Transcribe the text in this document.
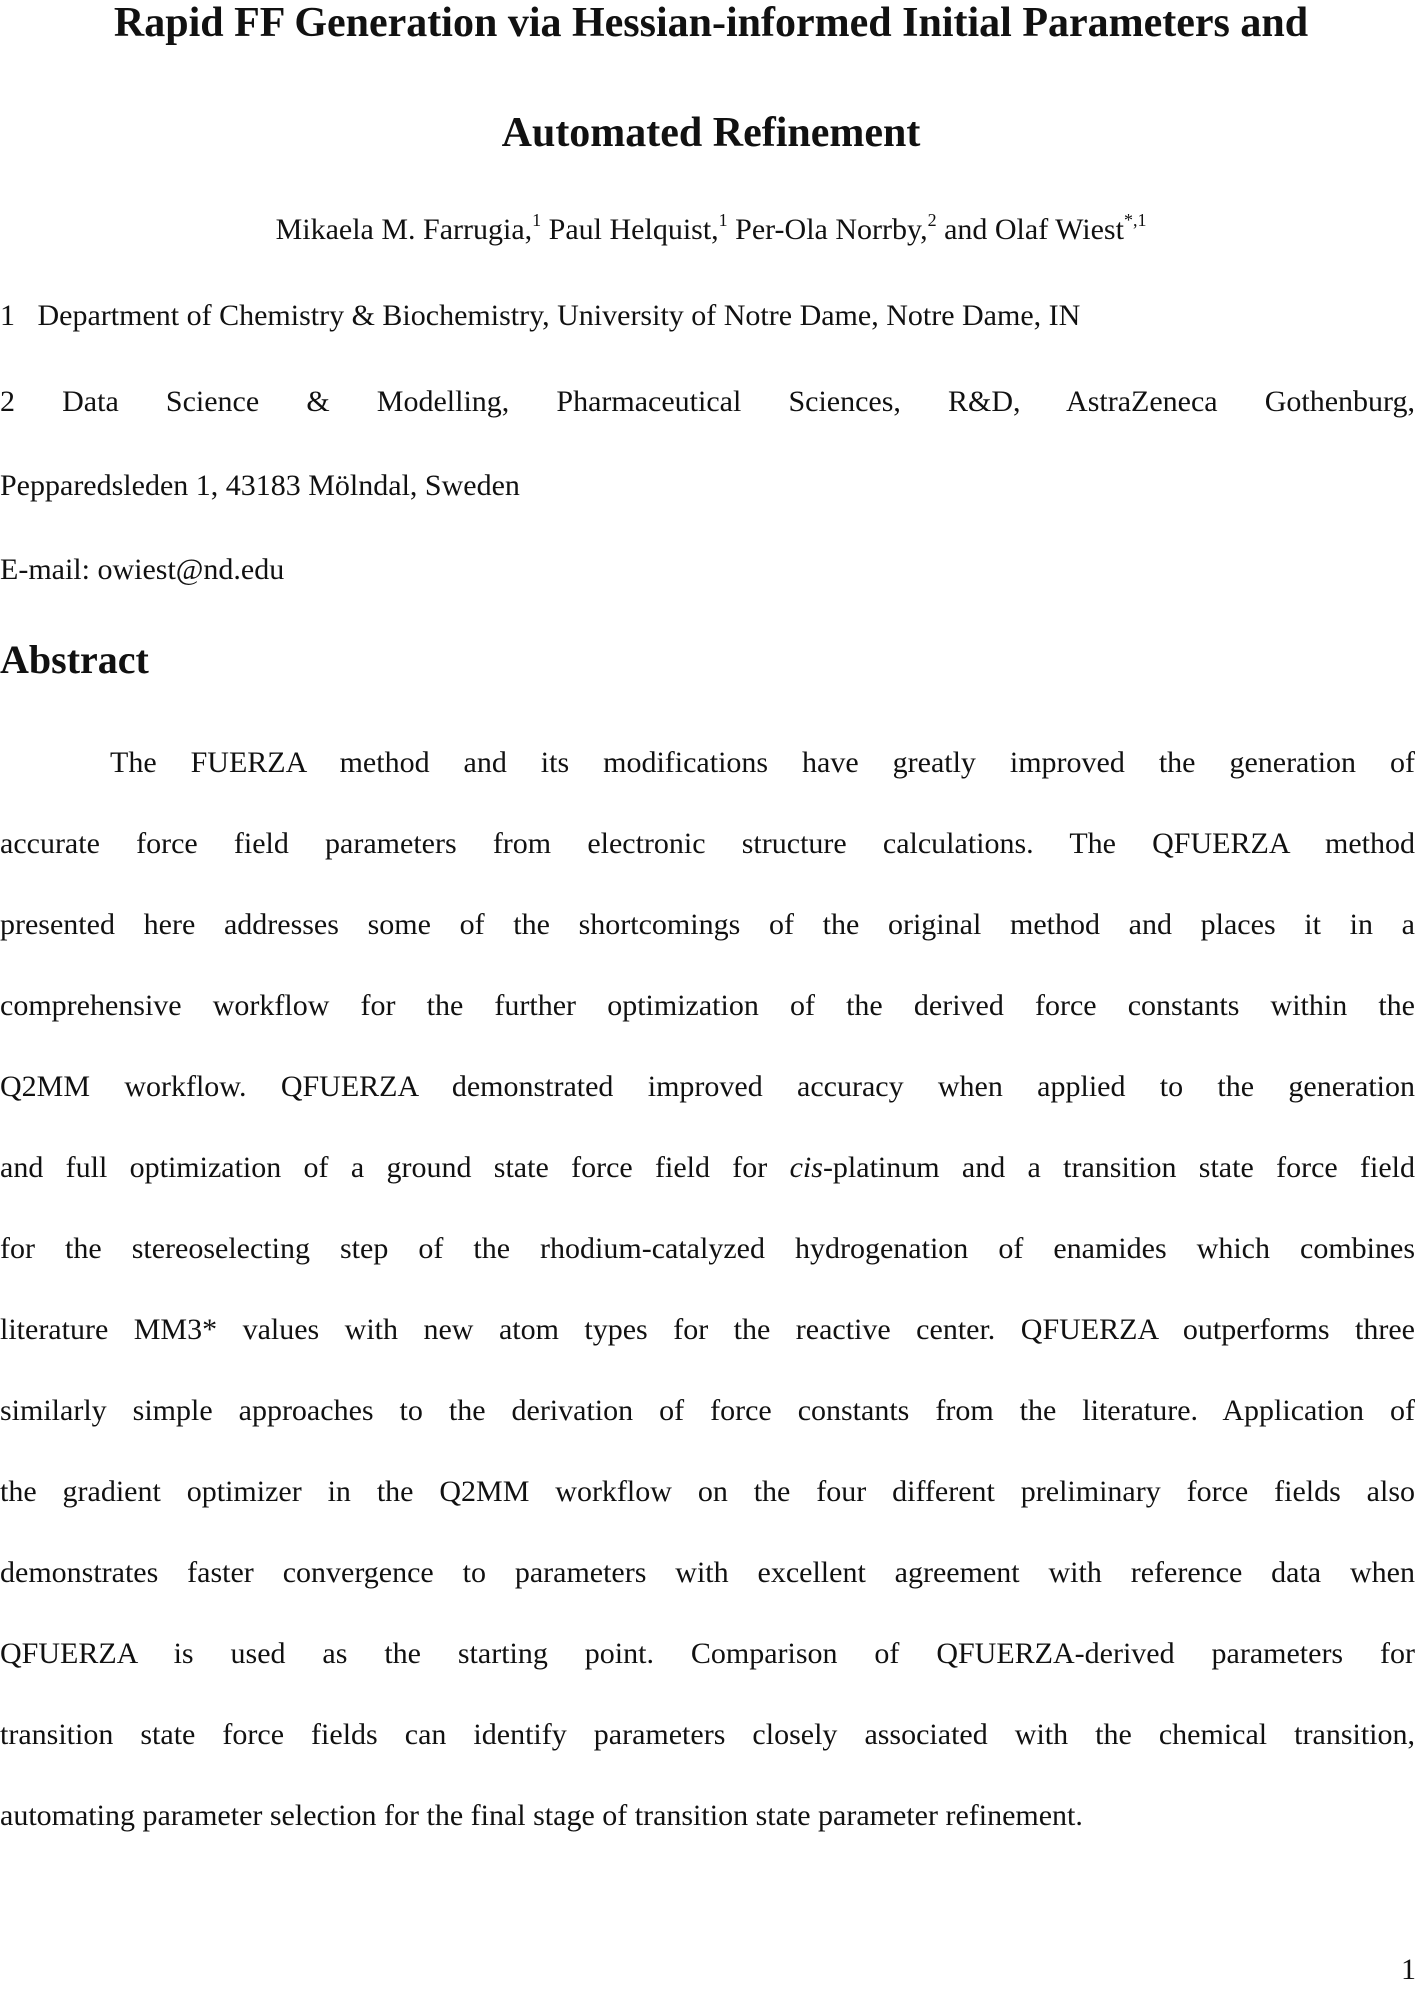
Rapid FF Generation via Hessian-informed Initial Parameters and
Automated Refinement
Mikaela M. Farrugia,$^1$ Paul Helquist,$^1$ Per-Ola Norrby,$^2$ and Olaf Wiest$^{*,1}$
1   Department of Chemistry & Biochemistry, University of Notre Dame, Notre Dame, IN
2 Data Science & Modelling, Pharmaceutical Sciences, R&D, AstraZeneca Gothenburg,
Pepparedsleden 1, 43183 Mölndal, Sweden
E-mail: owiest@nd.edu
Abstract
The FUERZA method and its modifications have greatly improved the generation of
accurate force field parameters from electronic structure calculations. The QFUERZA method
presented here addresses some of the shortcomings of the original method and places it in a
comprehensive workflow for the further optimization of the derived force constants within the
Q2MM workflow. QFUERZA demonstrated improved accuracy when applied to the generation
and full optimization of a ground state force field for cis-platinum and a transition state force field
for the stereoselecting step of the rhodium-catalyzed hydrogenation of enamides which combines
literature MM3* values with new atom types for the reactive center. QFUERZA outperforms three
similarly simple approaches to the derivation of force constants from the literature. Application of
the gradient optimizer in the Q2MM workflow on the four different preliminary force fields also
demonstrates faster convergence to parameters with excellent agreement with reference data when
QFUERZA is used as the starting point. Comparison of QFUERZA-derived parameters for
transition state force fields can identify parameters closely associated with the chemical transition,
automating parameter selection for the final stage of transition state parameter refinement.
1
